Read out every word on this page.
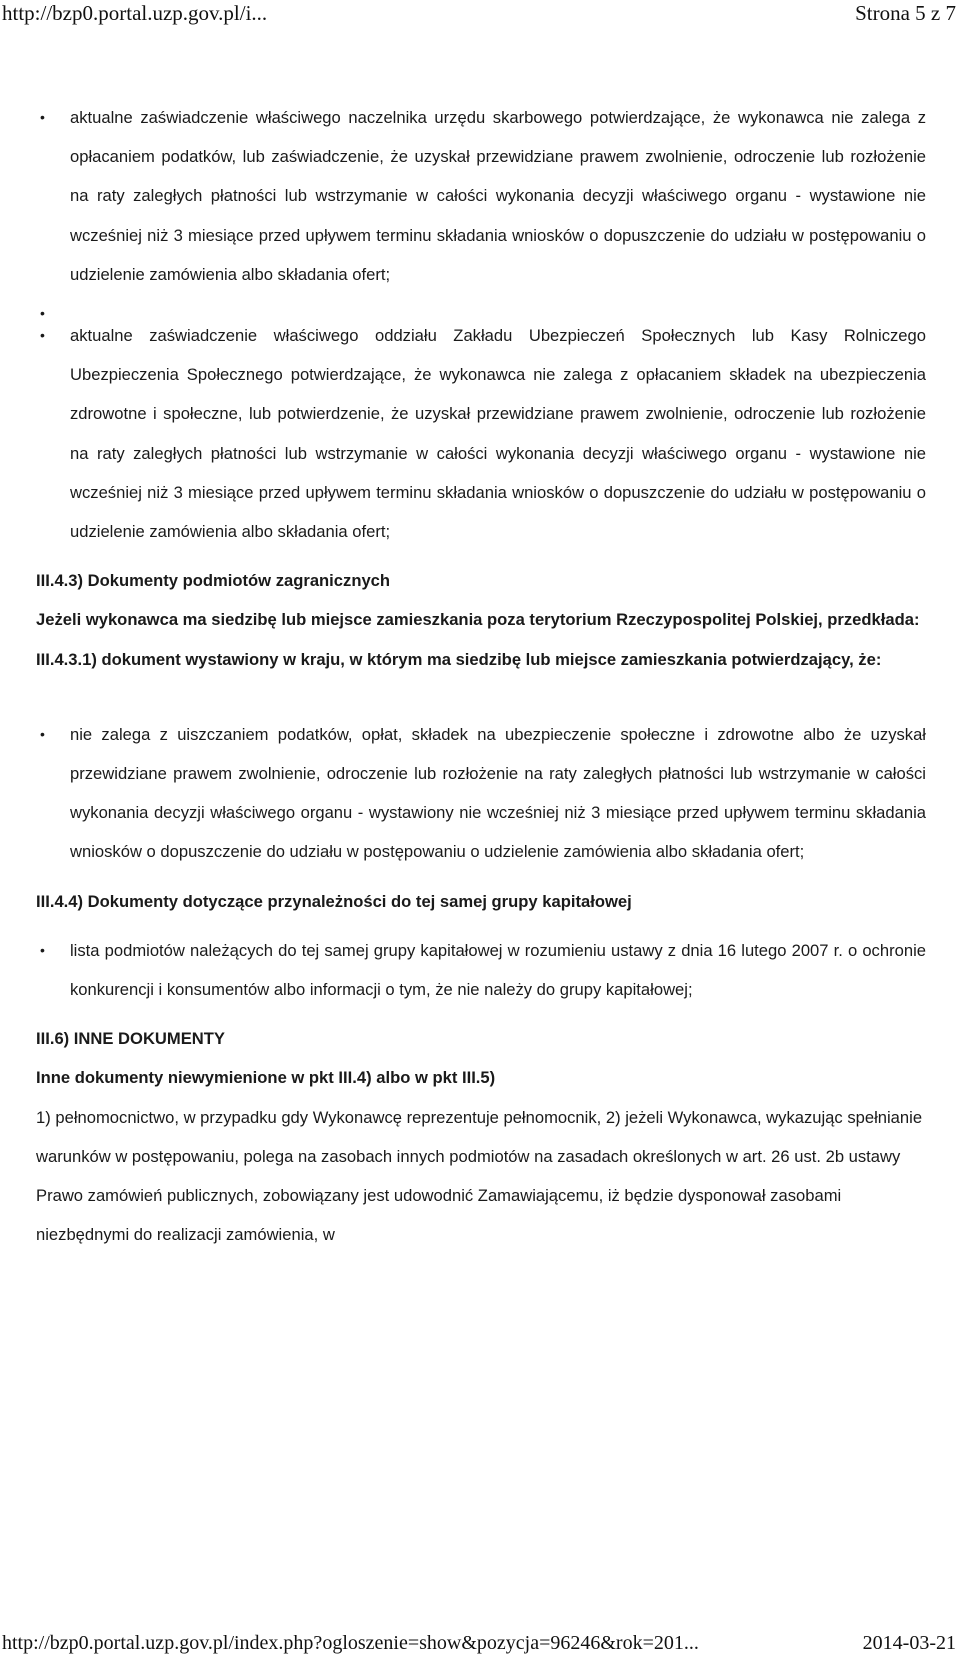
http://bzp0.portal.uzp.gov.pl/i...	Strona 5 z 7
• aktualne zaświadczenie właściwego naczelnika urzędu skarbowego potwierdzające, że wykonawca nie zalega z opłacaniem podatków, lub zaświadczenie, że uzyskał przewidziane prawem zwolnienie, odroczenie lub rozłożenie na raty zaległych płatności lub wstrzymanie w całości wykonania decyzji właściwego organu - wystawione nie wcześniej niż 3 miesiące przed upływem terminu składania wniosków o dopuszczenie do udziału w postępowaniu o udzielenie zamówienia albo składania ofert;
•
• aktualne zaświadczenie właściwego oddziału Zakładu Ubezpieczeń Społecznych lub Kasy Rolniczego Ubezpieczenia Społecznego potwierdzające, że wykonawca nie zalega z opłacaniem składek na ubezpieczenia zdrowotne i społeczne, lub potwierdzenie, że uzyskał przewidziane prawem zwolnienie, odroczenie lub rozłożenie na raty zaległych płatności lub wstrzymanie w całości wykonania decyzji właściwego organu - wystawione nie wcześniej niż 3 miesiące przed upływem terminu składania wniosków o dopuszczenie do udziału w postępowaniu o udzielenie zamówienia albo składania ofert;

III.4.3) Dokumenty podmiotów zagranicznych

Jeżeli wykonawca ma siedzibę lub miejsce zamieszkania poza terytorium Rzeczypospolitej Polskiej, przedkłada:

III.4.3.1) dokument wystawiony w kraju, w którym ma siedzibę lub miejsce zamieszkania potwierdzający, że:

• nie zalega z uiszczaniem podatków, opłat, składek na ubezpieczenie społeczne i zdrowotne albo że uzyskał przewidziane prawem zwolnienie, odroczenie lub rozłożenie na raty zaległych płatności lub wstrzymanie w całości wykonania decyzji właściwego organu - wystawiony nie wcześniej niż 3 miesiące przed upływem terminu składania wniosków o dopuszczenie do udziału w postępowaniu o udzielenie zamówienia albo składania ofert;

III.4.4) Dokumenty dotyczące przynależności do tej samej grupy kapitałowej

• lista podmiotów należących do tej samej grupy kapitałowej w rozumieniu ustawy z dnia 16 lutego 2007 r. o ochronie konkurencji i konsumentów albo informacji o tym, że nie należy do grupy kapitałowej;

III.6) INNE DOKUMENTY

Inne dokumenty niewymienione w pkt III.4) albo w pkt III.5)

1) pełnomocnictwo, w przypadku gdy Wykonawcę reprezentuje pełnomocnik, 2) jeżeli Wykonawca, wykazując spełnianie warunków w postępowaniu, polega na zasobach innych podmiotów na zasadach określonych w art. 26 ust. 2b ustawy Prawo zamówień publicznych, zobowiązany jest udowodnić Zamawiającemu, iż będzie dysponował zasobami niezbędnymi do realizacji zamówienia, w

http://bzp0.portal.uzp.gov.pl/index.php?ogloszenie=show&pozycja=96246&rok=201...	2014-03-21
